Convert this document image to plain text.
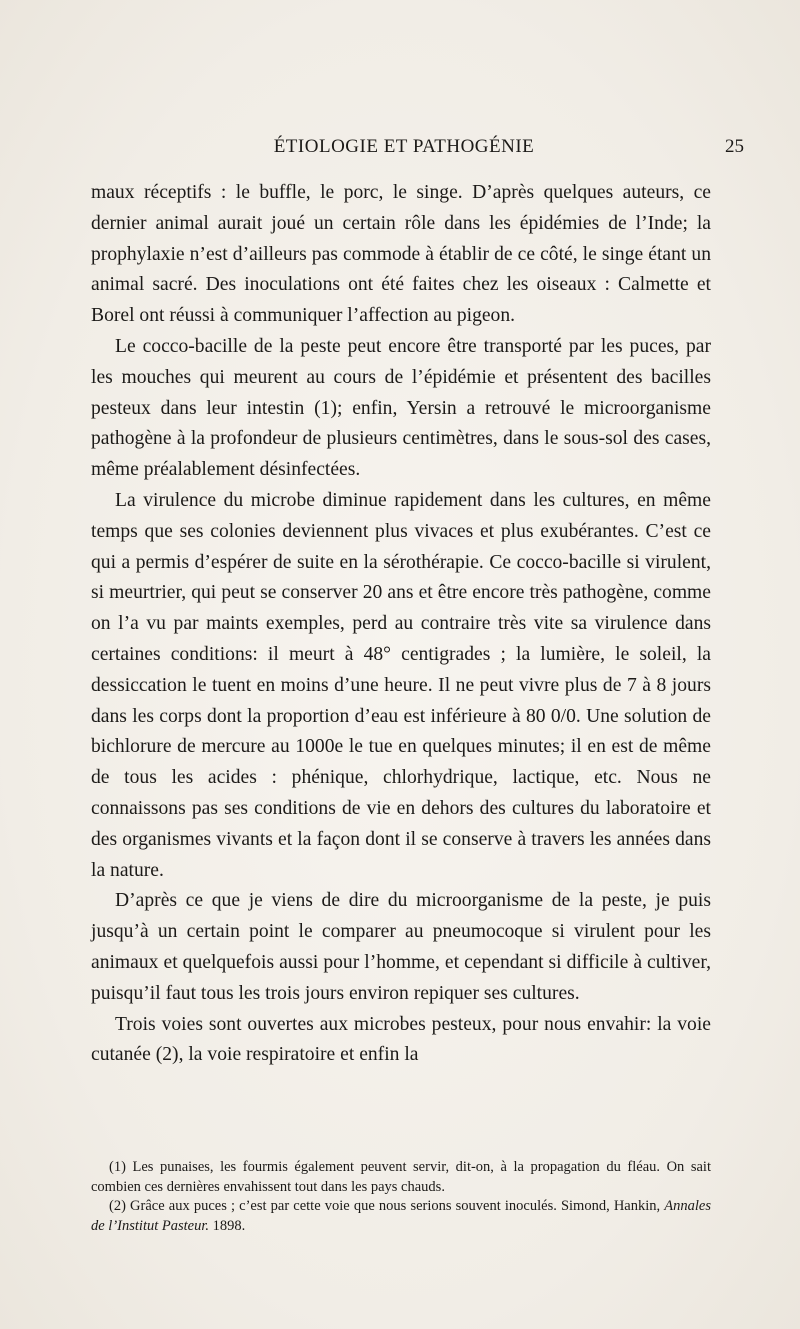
ÉTIOLOGIE ET PATHOGÉNIE	25

maux réceptifs : le buffle, le porc, le singe. D’après quelques auteurs, ce dernier animal aurait joué un certain rôle dans les épidémies de l’Inde; la prophylaxie n’est d’ailleurs pas commode à établir de ce côté, le singe étant un animal sacré. Des inoculations ont été faites chez les oiseaux : Calmette et Borel ont réussi à communiquer l’affection au pigeon.

Le cocco-bacille de la peste peut encore être transporté par les puces, par les mouches qui meurent au cours de l’épidémie et présentent des bacilles pesteux dans leur intestin (1); enfin, Yersin a retrouvé le microorganisme pathogène à la profondeur de plusieurs centimètres, dans le sous-sol des cases, même préalablement désinfectées.

La virulence du microbe diminue rapidement dans les cultures, en même temps que ses colonies deviennent plus vivaces et plus exubérantes. C’est ce qui a permis d’espérer de suite en la sérothérapie. Ce cocco-bacille si virulent, si meurtrier, qui peut se conserver 20 ans et être encore très pathogène, comme on l’a vu par maints exemples, perd au contraire très vite sa virulence dans certaines conditions: il meurt à 48° centigrades ; la lumière, le soleil, la dessiccation le tuent en moins d’une heure. Il ne peut vivre plus de 7 à 8 jours dans les corps dont la proportion d’eau est inférieure à 80 0/0. Une solution de bichlorure de mercure au 1000e le tue en quelques minutes; il en est de même de tous les acides : phénique, chlorhydrique, lactique, etc. Nous ne connaissons pas ses conditions de vie en dehors des cultures du laboratoire et des organismes vivants et la façon dont il se conserve à travers les années dans la nature.

D’après ce que je viens de dire du microorganisme de la peste, je puis jusqu’à un certain point le comparer au pneumocoque si virulent pour les animaux et quelquefois aussi pour l’homme, et cependant si difficile à cultiver, puisqu’il faut tous les trois jours environ repiquer ses cultures.

Trois voies sont ouvertes aux microbes pesteux, pour nous envahir: la voie cutanée (2), la voie respiratoire et enfin la

(1) Les punaises, les fourmis également peuvent servir, dit-on, à la propagation du fléau. On sait combien ces dernières envahissent tout dans les pays chauds.

(2) Grâce aux puces ; c’est par cette voie que nous serions souvent inoculés. Simond, Hankin, Annales de l’Institut Pasteur. 1898.
